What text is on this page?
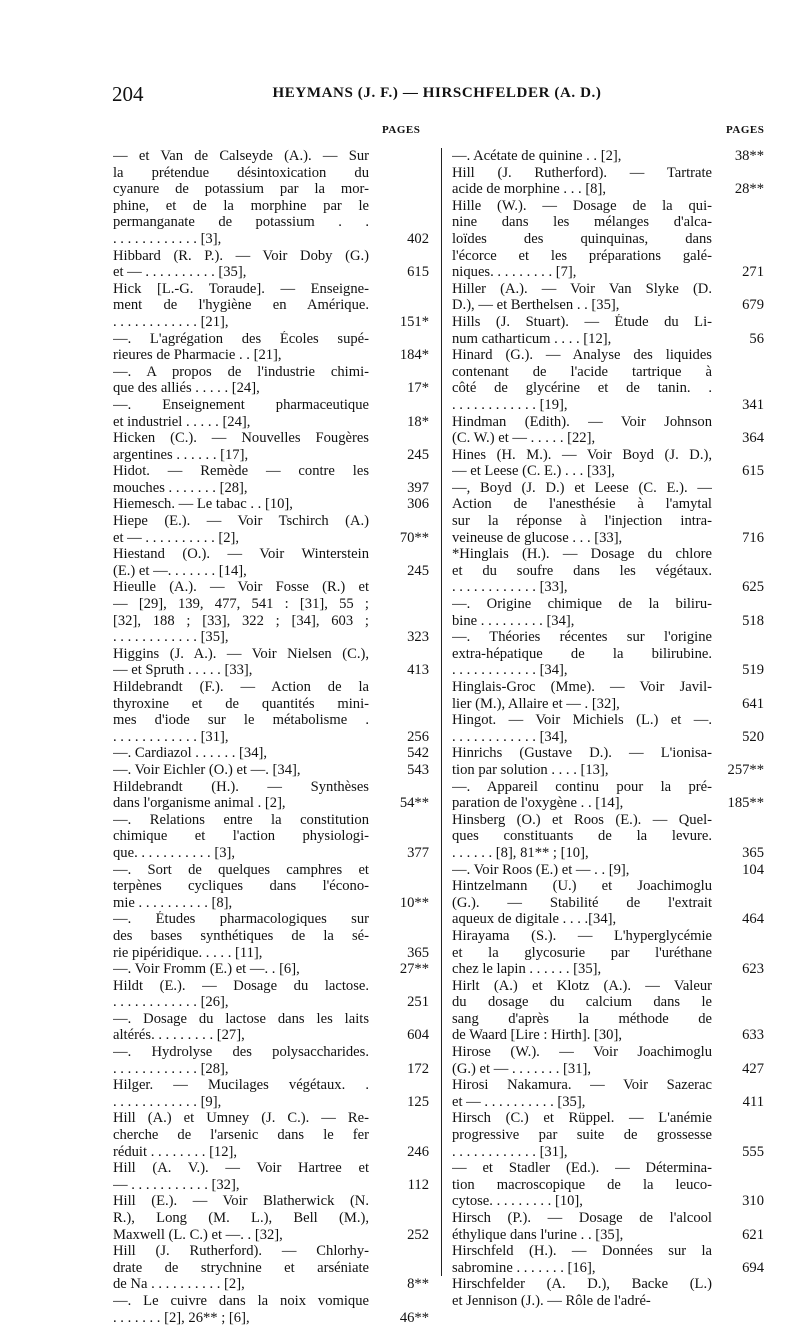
204	HEYMANS (J. F.) — HIRSCHFELDER (A. D.)
PAGES	PAGES
— et Van de Calseyde (A.). — Sur
la prétendue désintoxication du
cyanure de potassium par la mor-
phine, et de la morphine par le
permanganate de potassium . .
. . . . . . . . . . . . [3],	402
Hibbard (R. P.). — Voir Doby (G.)
et — . . . . . . . . . . [35],	615
Hick [L.-G. Toraude]. — Enseigne-
ment de l'hygiène en Amérique.
. . . . . . . . . . . . [21],	151*
—. L'agrégation des Écoles supé-
rieures de Pharmacie . . [21],	184*
—. A propos de l'industrie chimi-
que des alliés . . . . . [24],	17*
—. Enseignement pharmaceutique
et industriel . . . . . [24],	18*
Hicken (C.). — Nouvelles Fougères
argentines . . . . . . [17],	245
Hidot. — Remède — contre les
mouches . . . . . . . [28],	397
Hiemesch. — Le tabac . . [10],	306
Hiepe (E.). — Voir Tschirch (A.)
et — . . . . . . . . . . [2],	70**
Hiestand (O.). — Voir Winterstein
(E.) et —. . . . . . . [14],	245
Hieulle (A.). — Voir Fosse (R.) et
— [29], 139, 477, 541 : [31], 55 ;
[32], 188 ; [33], 322 ; [34], 603 ;
. . . . . . . . . . . . [35],	323
Higgins (J. A.). — Voir Nielsen (C.),
— et Spruth . . . . . [33],	413
Hildebrandt (F.). — Action de la
thyroxine et de quantités mini-
mes d'iode sur le métabolisme .
. . . . . . . . . . . . [31],	256
—. Cardiazol . . . . . . [34],	542
—. Voir Eichler (O.) et —. [34],	543
Hildebrandt (H.). — Synthèses
dans l'organisme animal . [2],	54**
—. Relations entre la constitution
chimique et l'action physiologi-
que. . . . . . . . . . . [3],	377
—. Sort de quelques camphres et
terpènes cycliques dans l'écono-
mie . . . . . . . . . . [8],	10**
—. Études pharmacologiques sur
des bases synthétiques de la sé-
rie pipéridique. . . . . [11],	365
—. Voir Fromm (E.) et —. . [6],	27**
Hildt (E.). — Dosage du lactose.
. . . . . . . . . . . . [26],	251
—. Dosage du lactose dans les laits
altérés. . . . . . . . . [27],	604
—. Hydrolyse des polysaccharides.
. . . . . . . . . . . . [28],	172
Hilger. — Mucilages végétaux. .
. . . . . . . . . . . . [9],	125
Hill (A.) et Umney (J. C.). — Re-
cherche de l'arsenic dans le fer
réduit . . . . . . . . [12],	246
Hill (A. V.). — Voir Hartree et
— . . . . . . . . . . . [32],	112
Hill (E.). — Voir Blatherwick (N.
R.), Long (M. L.), Bell (M.),
Maxwell (L. C.) et —. . [32],	252
Hill (J. Rutherford). — Chlorhy-
drate de strychnine et arséniate
de Na . . . . . . . . . . [2],	8**
—. Le cuivre dans la noix vomique
. . . . . . . [2], 26** ; [6],	46**
—. Acétate de quinine . . [2],	38**
Hill (J. Rutherford). — Tartrate
acide de morphine . . . [8],	28**
Hille (W.). — Dosage de la qui-
nine dans les mélanges d'alca-
loïdes des quinquinas, dans
l'écorce et les préparations galé-
niques. . . . . . . . . [7],	271
Hiller (A.). — Voir Van Slyke (D.
D.), — et Berthelsen . . [35],	679
Hills (J. Stuart). — Étude du Li-
num catharticum . . . . [12],	56
Hinard (G.). — Analyse des liquides
contenant de l'acide tartrique à
côté de glycérine et de tanin. .
. . . . . . . . . . . . [19],	341
Hindman (Edith). — Voir Johnson
(C. W.) et — . . . . . [22],	364
Hines (H. M.). — Voir Boyd (J. D.),
— et Leese (C. E.) . . . [33],	615
—, Boyd (J. D.) et Leese (C. E.). —
Action de l'anesthésie à l'amytal
sur la réponse à l'injection intra-
veineuse de glucose . . . [33],	716
*Hinglais (H.). — Dosage du chlore
et du soufre dans les végétaux.
. . . . . . . . . . . . [33],	625
—. Origine chimique de la biliru-
bine . . . . . . . . . [34],	518
—. Théories récentes sur l'origine
extra-hépatique de la bilirubine.
. . . . . . . . . . . . [34],	519
Hinglais-Groc (Mme). — Voir Javil-
lier (M.), Allaire et — . [32],	641
Hingot. — Voir Michiels (L.) et —.
. . . . . . . . . . . . [34],	520
Hinrichs (Gustave D.). — L'ionisa-
tion par solution . . . . [13],	257**
—. Appareil continu pour la pré-
paration de l'oxygène . . [14],	185**
Hinsberg (O.) et Roos (E.). — Quel-
ques constituants de la levure.
. . . . . . [8], 81** ; [10],	365
—. Voir Roos (E.) et — . . [9],	104
Hintzelmann (U.) et Joachimoglu
(G.). — Stabilité de l'extrait
aqueux de digitale . . . .[34],	464
Hirayama (S.). — L'hyperglycémie
et la glycosurie par l'uréthane
chez le lapin . . . . . . [35],	623
Hirlt (A.) et Klotz (A.). — Valeur
du dosage du calcium dans le
sang d'après la méthode de
de Waard [Lire : Hirth]. [30],	633
Hirose (W.). — Voir Joachimoglu
(G.) et — . . . . . . . [31],	427
Hirosi Nakamura. — Voir Sazerac
et — . . . . . . . . . . [35],	411
Hirsch (C.) et Rüppel. — L'anémie
progressive par suite de grossesse
. . . . . . . . . . . . [31],	555
— et Stadler (Ed.). — Détermina-
tion macroscopique de la leuco-
cytose. . . . . . . . . [10],	310
Hirsch (P.). — Dosage de l'alcool
éthylique dans l'urine . . [35],	621
Hirschfeld (H.). — Données sur la
sabromine . . . . . . . [16],	694
Hirschfelder (A. D.), Backe (L.)
et Jennison (J.). — Rôle de l'adré-
